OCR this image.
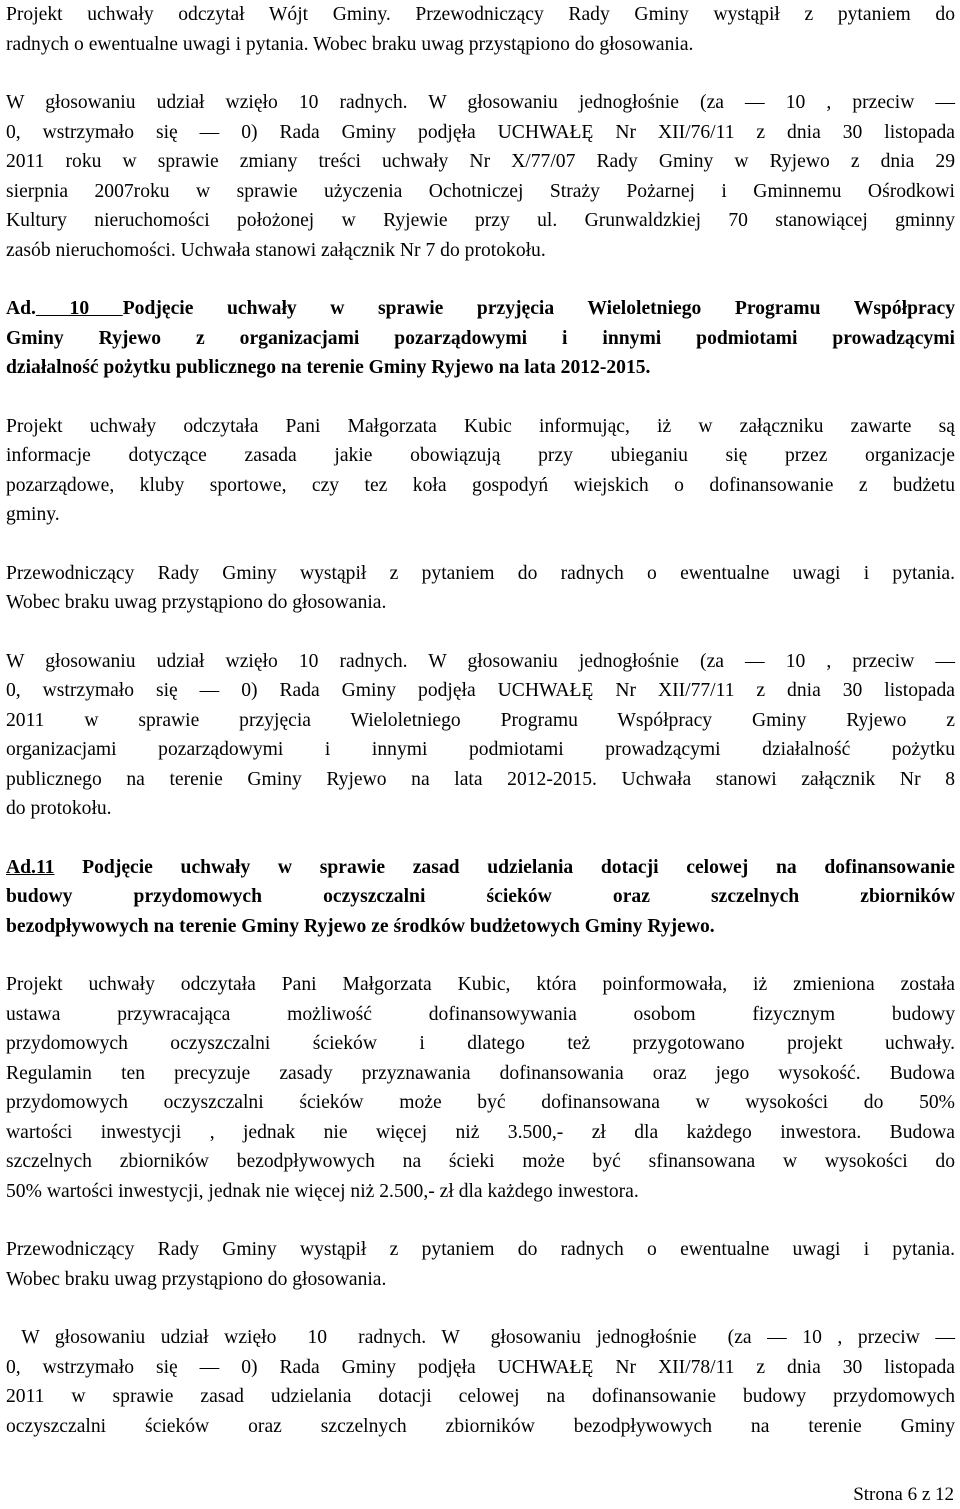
Projekt uchwały odczytał Wójt Gminy. Przewodniczący Rady Gminy wystąpił z pytaniem do

radnych o ewentualne uwagi i pytania. Wobec braku uwag przystąpiono do głosowania.

W głosowaniu udział wzięło 10 radnych. W głosowaniu jednogłośnie (za — 10 , przeciw —

0, wstrzymało się — 0) Rada Gminy podjęła UCHWAŁĘ Nr XII/76/11 z dnia 30 listopada

2011 roku w sprawie zmiany treści uchwały Nr X/77/07 Rady Gminy w Ryjewo z dnia 29

sierpnia 2007roku w sprawie użyczenia Ochotniczej Straży Pożarnej i Gminnemu Ośrodkowi

Kultury nieruchomości położonej w Ryjewie przy ul. Grunwaldzkiej 70 stanowiącej gminny

zasób nieruchomości. Uchwała stanowi załącznik Nr 7 do protokołu.

Ad. 10 Podjęcie uchwały w sprawie przyjęcia Wieloletniego Programu Współpracy

Gminy Ryjewo z organizacjami pozarządowymi i innymi podmiotami prowadzącymi

działalność pożytku publicznego na terenie Gminy Ryjewo na lata 2012-2015.

Projekt uchwały odczytała Pani Małgorzata Kubic informując, iż w załączniku zawarte są

informacje dotyczące zasada jakie obowiązują przy ubieganiu się przez organizacje

pozarządowe, kluby sportowe, czy tez koła gospodyń wiejskich o dofinansowanie z budżetu

gminy.

Przewodniczący Rady Gminy wystąpił z pytaniem do radnych o ewentualne uwagi i pytania.

Wobec braku uwag przystąpiono do głosowania.

W głosowaniu udział wzięło 10 radnych. W głosowaniu jednogłośnie (za — 10 , przeciw —

0, wstrzymało się — 0) Rada Gminy podjęła UCHWAŁĘ Nr XII/77/11 z dnia 30 listopada

2011 w sprawie przyjęcia Wieloletniego Programu Współpracy Gminy Ryjewo z

organizacjami pozarządowymi i innymi podmiotami prowadzącymi działalność pożytku

publicznego na terenie Gminy Ryjewo na lata 2012-2015. Uchwała stanowi załącznik Nr 8

do protokołu.

Ad.11 Podjęcie uchwały w sprawie zasad udzielania dotacji celowej na dofinansowanie

budowy przydomowych oczyszczalni ścieków oraz szczelnych zbiorników

bezodpływowych na terenie Gminy Ryjewo ze środków budżetowych Gminy Ryjewo.

Projekt uchwały odczytała Pani Małgorzata Kubic, która poinformowała, iż zmieniona została

ustawa przywracająca możliwość dofinansowywania osobom fizycznym budowy

przydomowych oczyszczalni ścieków i dlatego też przygotowano projekt uchwały.

Regulamin ten precyzuje zasady przyznawania dofinansowania oraz jego wysokość. Budowa

przydomowych oczyszczalni ścieków może być dofinansowana w wysokości do 50%

wartości inwestycji , jednak nie więcej niż 3.500,- zł dla każdego inwestora. Budowa

szczelnych zbiorników bezodpływowych na ścieki może być sfinansowana w wysokości do

50% wartości inwestycji, jednak nie więcej niż 2.500,- zł dla każdego inwestora.

Przewodniczący Rady Gminy wystąpił z pytaniem do radnych o ewentualne uwagi i pytania.

Wobec braku uwag przystąpiono do głosowania.

W głosowaniu udział wzięło  10  radnych. W  głosowaniu jednogłośnie  (za — 10 , przeciw —

0, wstrzymało się — 0) Rada Gminy podjęła UCHWAŁĘ Nr XII/78/11 z dnia 30 listopada

2011 w sprawie zasad udzielania dotacji celowej na dofinansowanie budowy przydomowych

oczyszczalni ścieków oraz szczelnych zbiorników bezodpływowych na terenie Gminy

Strona 6 z 12
